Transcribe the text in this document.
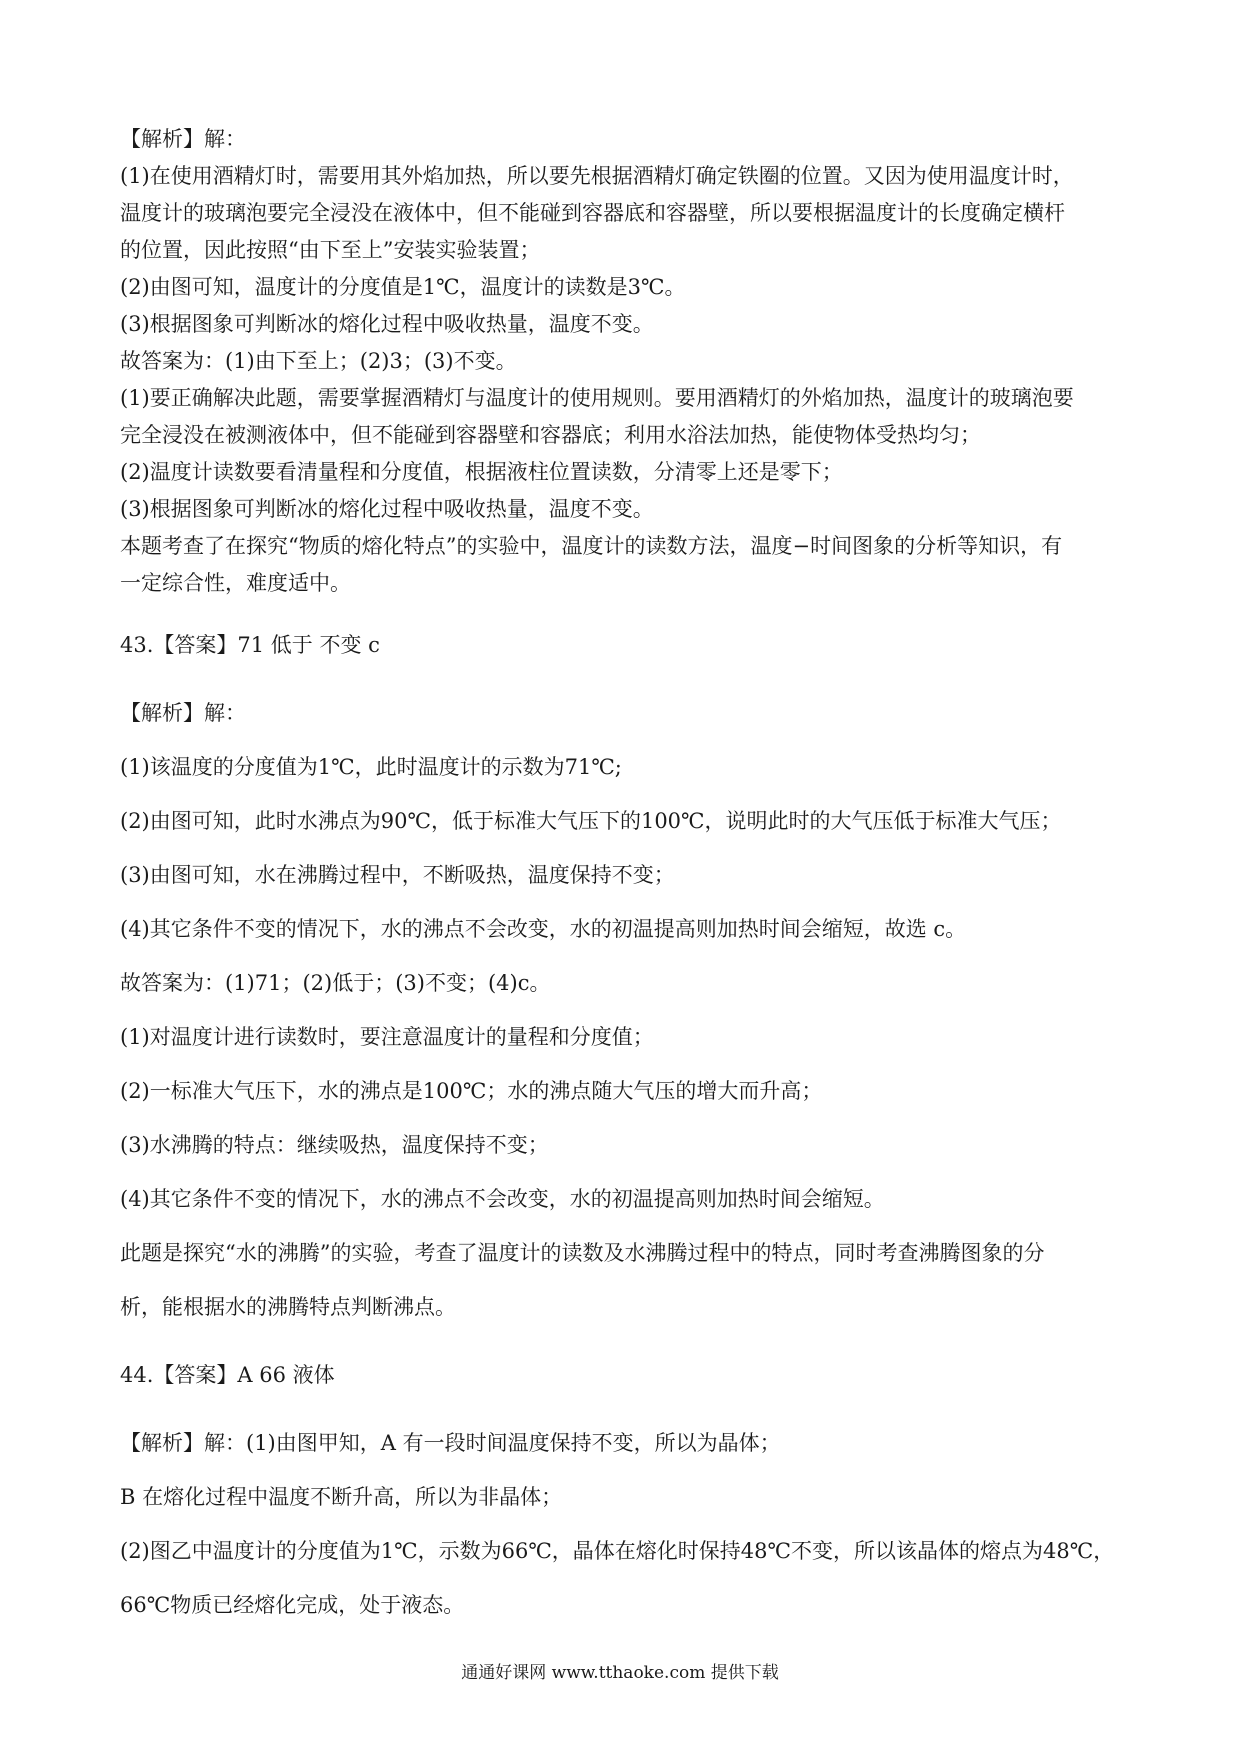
【解析】解：

(1)在使用酒精灯时，需要用其外焰加热，所以要先根据酒精灯确定铁圈的位置。又因为使用温度计时，

温度计的玻璃泡要完全浸没在液体中，但不能碰到容器底和容器壁，所以要根据温度计的长度确定横杆

的位置，因此按照“由下至上”安装实验装置；

(2)由图可知，温度计的分度值是1℃，温度计的读数是3℃。

(3)根据图象可判断冰的熔化过程中吸收热量，温度不变。

故答案为：(1)由下至上；(2)3；(3)不变。

(1)要正确解决此题，需要掌握酒精灯与温度计的使用规则。要用酒精灯的外焰加热，温度计的玻璃泡要

完全浸没在被测液体中，但不能碰到容器壁和容器底；利用水浴法加热，能使物体受热均匀；

(2)温度计读数要看清量程和分度值，根据液柱位置读数，分清零上还是零下；

(3)根据图象可判断冰的熔化过程中吸收热量，温度不变。

本题考查了在探究“物质的熔化特点”的实验中，温度计的读数方法，温度−时间图象的分析等知识，有

一定综合性，难度适中。

43.【答案】71 低于 不变 c

【解析】解：

(1)该温度的分度值为1℃，此时温度计的示数为71℃;

(2)由图可知，此时水沸点为90℃，低于标准大气压下的100℃，说明此时的大气压低于标准大气压；

(3)由图可知，水在沸腾过程中，不断吸热，温度保持不变；

(4)其它条件不变的情况下，水的沸点不会改变，水的初温提高则加热时间会缩短，故选 c。

故答案为：(1)71；(2)低于；(3)不变；(4)c。

(1)对温度计进行读数时，要注意温度计的量程和分度值；

(2)一标准大气压下，水的沸点是100℃；水的沸点随大气压的增大而升高；

(3)水沸腾的特点：继续吸热，温度保持不变；

(4)其它条件不变的情况下，水的沸点不会改变，水的初温提高则加热时间会缩短。

此题是探究“水的沸腾”的实验，考查了温度计的读数及水沸腾过程中的特点，同时考查沸腾图象的分

析，能根据水的沸腾特点判断沸点。

44.【答案】A 66 液体

【解析】解：(1)由图甲知，A 有一段时间温度保持不变，所以为晶体；

B 在熔化过程中温度不断升高，所以为非晶体；

(2)图乙中温度计的分度值为1℃，示数为66℃，晶体在熔化时保持48℃不变，所以该晶体的熔点为48℃，

66℃物质已经熔化完成，处于液态。

通通好课网 www.tthaoke.com 提供下载
